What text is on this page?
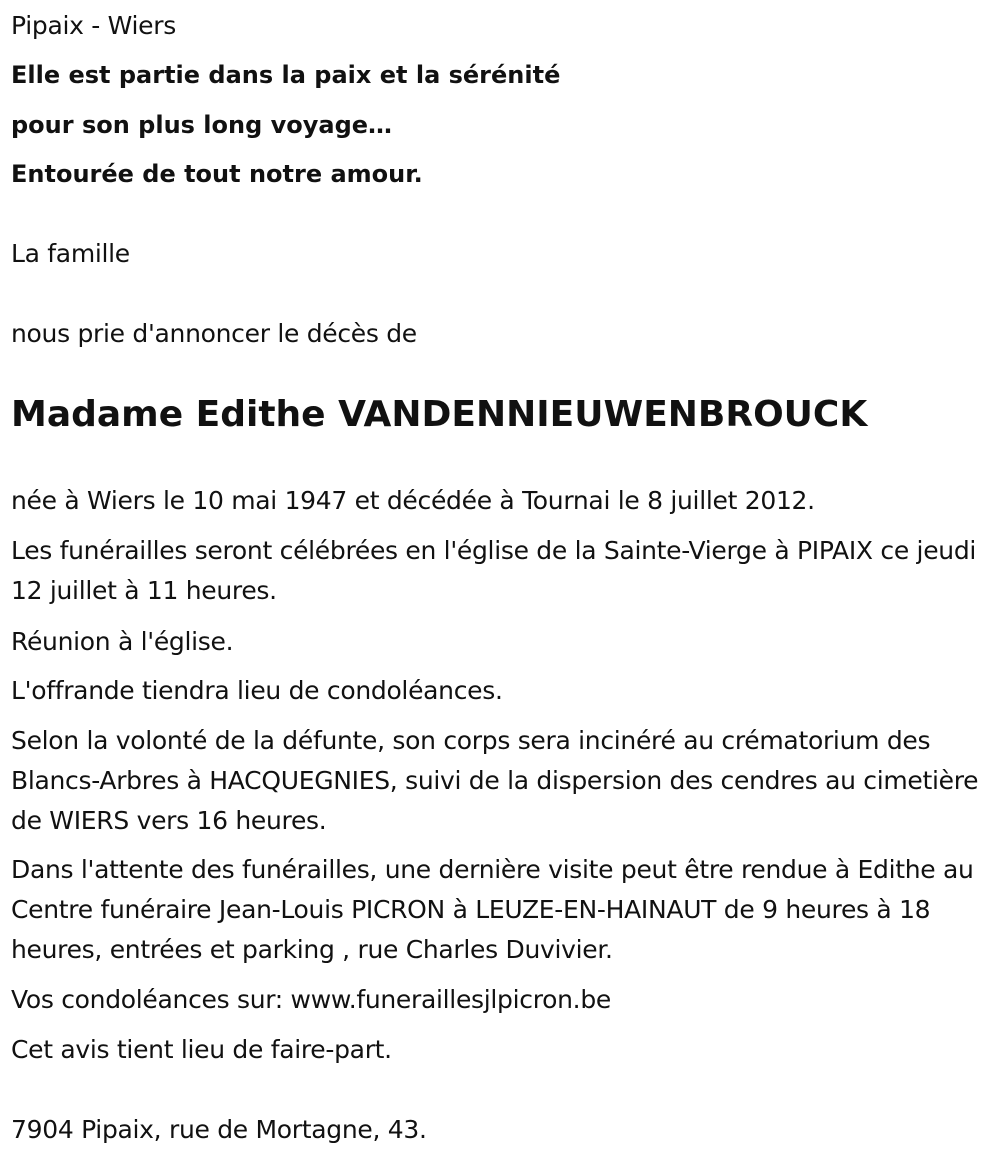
Pipaix - Wiers

Elle est partie dans la paix et la sérénité

pour son plus long voyage…

Entourée de tout notre amour.

La famille

nous prie d'annoncer le décès de

Madame Edithe VANDENNIEUWENBROUCK

née à Wiers le 10 mai 1947 et décédée à Tournai le 8 juillet 2012.

Les funérailles seront célébrées en l'église de la Sainte-Vierge à PIPAIX ce jeudi 12 juillet à 11 heures.

Réunion à l'église.

L'offrande tiendra lieu de condoléances.

Selon la volonté de la défunte, son corps sera incinéré au crématorium des Blancs-Arbres à HACQUEGNIES, suivi de la dispersion des cendres au cimetière de WIERS vers 16 heures.

Dans l'attente des funérailles, une dernière visite peut être rendue à Edithe au Centre funéraire Jean-Louis PICRON à LEUZE-EN-HAINAUT de 9 heures à 18 heures, entrées et parking , rue Charles Duvivier.

Vos condoléances sur: www.funeraillesjlpicron.be

Cet avis tient lieu de faire-part.

7904 Pipaix, rue de Mortagne, 43.
